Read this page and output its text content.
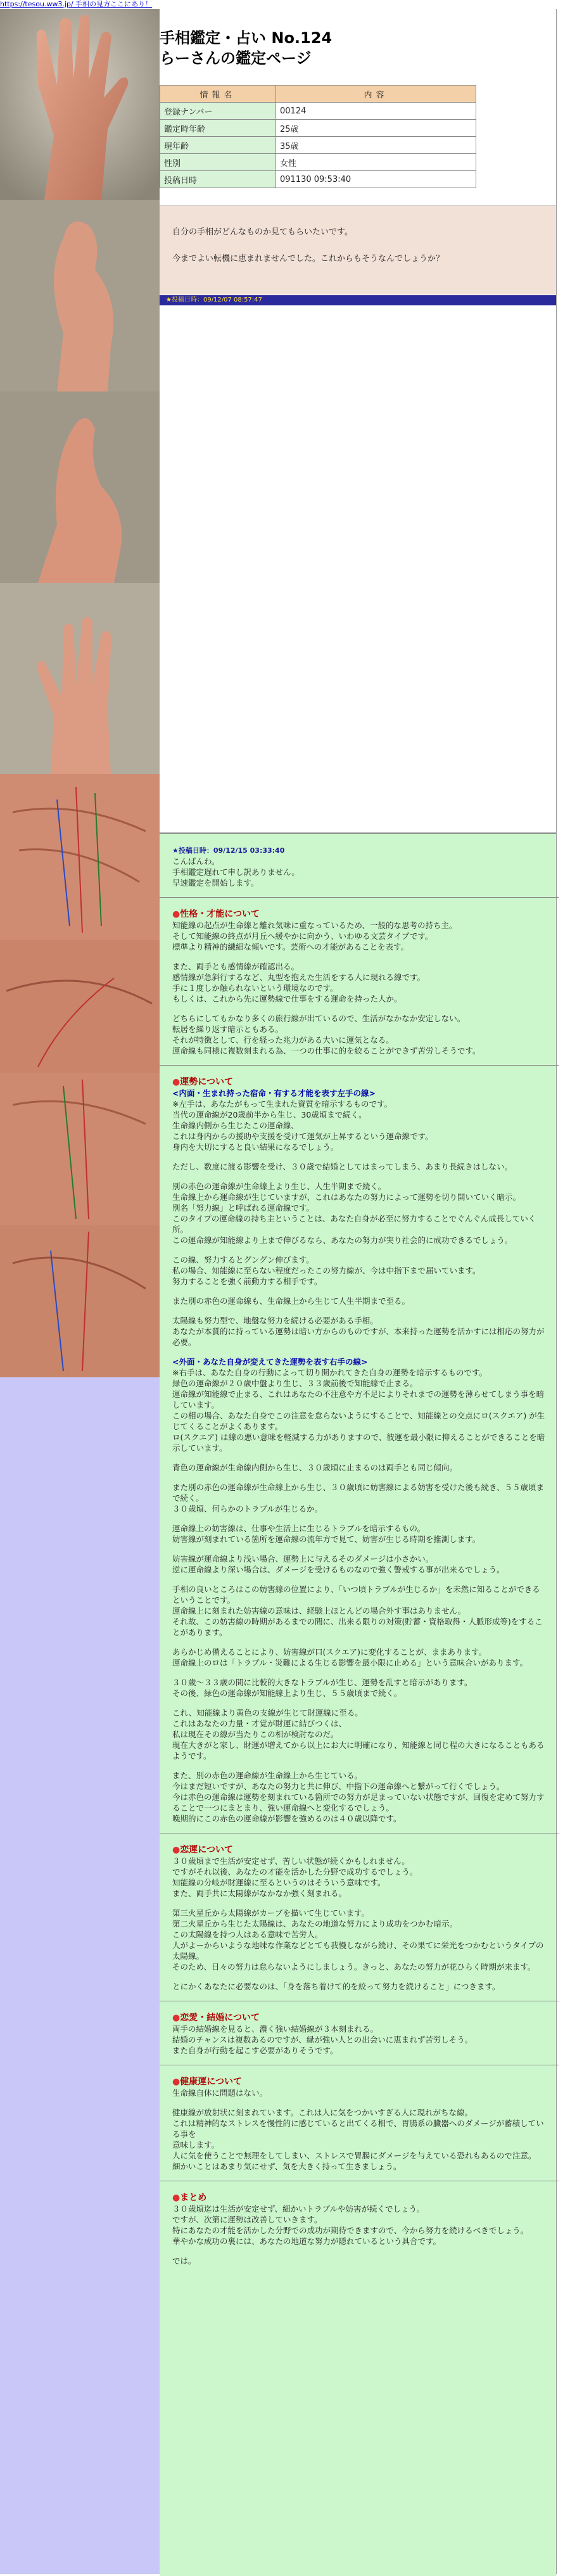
https://tesou.ww3.jp/ 手相の見方ここにあり！
手相鑑定・占い No.124
らーさんの鑑定ページ
情報名	内容
登録ナンバー	00124
鑑定時年齢	25歳
現年齢	35歳
性別	女性
投稿日時	091130 09:53:40

自分の手相がどんなものか見てもらいたいです。

今までよい転機に恵まれませんでした。これからもそうなんでしょうか？

★投稿日時：09/12/07 08:57:47
★投稿日時：09/12/15 03:33:40

こんばんわ。
手相鑑定遅れて申し訳ありません。
早速鑑定を開始します。

●性格・才能について

知能線の起点が生命線と離れ気味に重なっているため、一般的な思考の持ち主。
そして知能線の終点が月丘へ緩やかに向かう、いわゆる文芸タイプです。
標準より精神的繊細な傾いです。芸術への才能があることを表す。

また、両手とも感情線が確認出る。
感情線が急斜行するなど、丸型を抱えた生活をする人に現れる線です。
手に１度しか触られないという環境なのです。
もしくは、これから先に運勢線で仕事をする運命を持った人か。

どちらにしてもかなり多くの旅行線が出ているので、生活がなかなか安定しない。
転居を繰り返す暗示ともある。
それが特徴として、行を経った兆力がある大いに運気となる。
運命線も同様に複数刻まれる為、一つの仕事に的を絞ることができず苦労しそうです。

●運勢について
<内面・生まれ持った宿命・有する才能を表す左手の線>

※左手は、あなたがもって生まれた資質を暗示するものです。
当代の運命線が20歳前半から生じ、30歳頃まで続く。
生命線内側から生じたこの運命線、
これは身内からの援助や支援を受けて運気が上昇するという運命線です。
身内を大切にすると良い結果になるでしょう。

ただし、数度に渡る影響を受け、３０歳で結婚としてはまってしまう、あまり長続きはしない。

別の赤色の運命線が生命線上より生じ、人生半期まで続く。
生命線上から運命線が生じていますが、これはあなたの努力によって運勢を切り開いていく暗示。
別名「努力線」と呼ばれる運命線です。
このタイプの運命線の持ち主ということは、あなた自身が必至に努力することでぐんぐん成長していく所。
この運命線が知能線より上まで伸びるなら、あなたの努力が実り社会的に成功できるでしょう。

この線、努力するとグングン伸びます。
私の場合、知能線に至らない程度だったこの努力線が、今は中指下まで届いています。
努力することを強く前動力する相手です。

また別の赤色の運命線も、生命線上から生じて人生半期まで至る。

太陽線も努力型で、地盤な努力を続ける必要がある手相。
あなたが本質的に持っている運勢は暗い方からのものですが、本来持った運勢を活かすには相応の努力が必要。

<外面・あなた自身が変えてきた運勢を表す右手の線>

※右手は、あなた自身の行動によって切り開かれてきた自身の運勢を暗示するものです。
緑色の運命線が２０歳中盤より生じ、３３歳前後で知能線で止まる。
運命線が知能線で止まる、これはあなたの不注意や方不足によりそれまでの運勢を薄らせてしまう事を暗しています。
この相の場合、あなた自身でこの注意を怠らないようにすることで、知能線との交点にロ(スクエア) が生じてくることがよくあります。
ロ(スクエア) は線の悪い意味を軽減する力がありますので、彼運を最小限に抑えることができることを暗示しています。

青色の運命線が生命線内側から生じ、３０歳頃に止まるのは両手とも同じ傾向。

また別の赤色の運命線が生命線上から生じ、３０歳頃に妨害線による妨害を受けた後も続き、５５歳頃まで続く。
３０歳頃、何らかのトラブルが生じるか。

運命線上の妨害線は、仕事や生活上に生じるトラブルを暗示するもの。
妨害線が刻まれている箇所を運命線の流年方で見て、妨害が生じる時期を推測します。

妨害線が運命線より浅い場合、運勢上に与えるそのダメージは小さかい。
逆に運命線より深い場合は、ダメージを受けるものなので強く警戒する事が出来るでしょう。

手相の良いところはこの妨害線の位置により、「いつ頃トラブルが生じるか」を未然に知ることができるということです。
運命線上に刻まれた妨害線の意味は、経験上ほとんどの場合外す事はありません。
それ故、この妨害線の時期があるまでの間に、出来る限りの対策(貯蓄・資格取得・人脈形成等)をすることがあります。

あらかじめ備えることにより、妨害線が口(スクエア)に変化することが、ままあります。
運命線上のロは「トラブル・災難による生じる影響を最小限に止める」という意味合いがあります。

３０歳～３３歳の間に比較的大きなトラブルが生じ、運勢を乱すと暗示があります。
その後、緑色の運命線が知能線上より生じ、５５歳頃まで続く。

これ、知能線より黄色の支線が生じて財運線に至る。
これはあなたの力量・才覚が財運に結びつくは、
私は現在その線が当たりこの相が検討なのだ。
現在大きがと家し、財運が増えてから以上にお大に明確になり、知能線と同じ程の大きになることもあるようです。

また、別の赤色の運命線が生命線上から生じている。
今はまだ短いですが、あなたの努力と共に伸び、中指下の運命線へと繋がって行くでしょう。
今は赤色の運命線は運勢を刻まれている箇所での努力が足まっていない状態ですが、回復を定めて努力することで一つにまとまり、強い運命線へと変化するでしょう。
晩期的にこの赤色の運命線が影響を強めるのは４０歳以降です。

●恋運について

３０歳頃まで生活が安定せず、苦しい状態が続くかもしれません。
ですがそれ以後、あなたの才能を活かした分野で成功するでしょう。
知能線の分岐が財運線に至るというのはそういう意味です。
また、両手共に太陽線がなかなか強く刻まれる。

第三火星丘から太陽線がカーブを描いて生じています。
第二火星丘から生じた太陽線は、あなたの地道な努力により成功をつかむ暗示。
この太陽線を持つ人はある意味で苦労人。
人がよーからいような地味な作業などとても我慢しながら続け、その果てに栄光をつかむというタイプの太陽線。
そのため、日々の努力は怠らないようにしましょう。きっと、あなたの努力が花ひらく時期が来ます。

とにかくあなたに必要なのは、「身を落ち着けて的を絞って努力を続けること」につきます。

●恋愛・結婚について

両手の結婚線を見ると、濃く強い結婚線が３本刻まれる。
結婚のチャンスは複数あるのですが、縁が強い人との出会いに恵まれず苦労しそう。
また自身が行動を起こす必要がありそうです。

●健康運について

生命線自体に問題はない。

健康線が放射状に刻まれています。これは人に気をつかいすぎる人に現れがちな線。
これは精神的なストレスを慢性的に感じていると出てくる相で、胃腸系の臓器へのダメージが蓄積している事を
意味します。
人に気を使うことで無理をしてしまい、ストレスで胃腸にダメージを与えている恐れもあるので注意。
細かいことはあまり気にせず、気を大きく持って生きましょう。

●まとめ

３０歳頃迄は生活が安定せず、細かいトラブルや妨害が続くでしょう。
ですが、次第に運勢は改善していきます。
特にあなたの才能を活かした分野での成功が期待できますので、今から努力を続けるべきでしょう。
華やかな成功の裏には、あなたの地道な努力が隠れているという具合です。

では。
